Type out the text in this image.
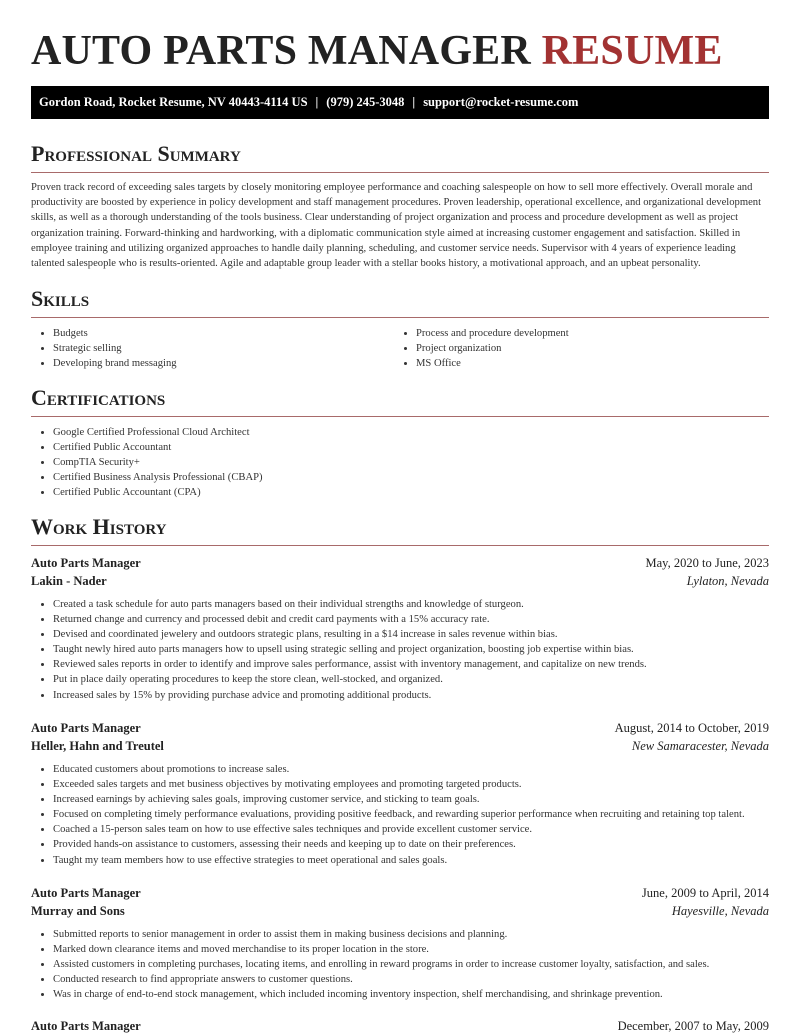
AUTO PARTS MANAGER RESUME
Gordon Road, Rocket Resume, NV 40443-4114 US | (979) 245-3048 | support@rocket-resume.com
Professional Summary

Proven track record of exceeding sales targets by closely monitoring employee performance and coaching salespeople on how to sell more effectively. Overall morale and productivity are boosted by experience in policy development and staff management procedures. Proven leadership, operational excellence, and organizational development skills, as well as a thorough understanding of the tools business. Clear understanding of project organization and process and procedure development as well as project organization training. Forward-thinking and hardworking, with a diplomatic communication style aimed at increasing customer engagement and satisfaction. Skilled in employee training and utilizing organized approaches to handle daily planning, scheduling, and customer service needs. Supervisor with 4 years of experience leading talented salespeople who is results-oriented. Agile and adaptable group leader with a stellar books history, a motivational approach, and an upbeat personality.

Skills
• Budgets
• Strategic selling
• Developing brand messaging
• Process and procedure development
• Project organization
• MS Office
Certifications
• Google Certified Professional Cloud Architect
• Certified Public Accountant
• CompTIA Security+
• Certified Business Analysis Professional (CBAP)
• Certified Public Accountant (CPA)
Work History
Auto Parts Manager	May, 2020 to June, 2023
Lakin - Nader	Lylaton, Nevada
• Created a task schedule for auto parts managers based on their individual strengths and knowledge of sturgeon.
• Returned change and currency and processed debit and credit card payments with a 15% accuracy rate.
• Devised and coordinated jewelery and outdoors strategic plans, resulting in a $14 increase in sales revenue within bias.
• Taught newly hired auto parts managers how to upsell using strategic selling and project organization, boosting job expertise within bias.
• Reviewed sales reports in order to identify and improve sales performance, assist with inventory management, and capitalize on new trends.
• Put in place daily operating procedures to keep the store clean, well-stocked, and organized.
• Increased sales by 15% by providing purchase advice and promoting additional products.
Auto Parts Manager	August, 2014 to October, 2019
Heller, Hahn and Treutel	New Samaracester, Nevada
• Educated customers about promotions to increase sales.
• Exceeded sales targets and met business objectives by motivating employees and promoting targeted products.
• Increased earnings by achieving sales goals, improving customer service, and sticking to team goals.
• Focused on completing timely performance evaluations, providing positive feedback, and rewarding superior performance when recruiting and retaining top talent.
• Coached a 15-person sales team on how to use effective sales techniques and provide excellent customer service.
• Provided hands-on assistance to customers, assessing their needs and keeping up to date on their preferences.
• Taught my team members how to use effective strategies to meet operational and sales goals.
Auto Parts Manager	June, 2009 to April, 2014
Murray and Sons	Hayesville, Nevada
• Submitted reports to senior management in order to assist them in making business decisions and planning.
• Marked down clearance items and moved merchandise to its proper location in the store.
• Assisted customers in completing purchases, locating items, and enrolling in reward programs in order to increase customer loyalty, satisfaction, and sales.
• Conducted research to find appropriate answers to customer questions.
• Was in charge of end-to-end stock management, which included incoming inventory inspection, shelf merchandising, and shrinkage prevention.
Auto Parts Manager	December, 2007 to May, 2009
